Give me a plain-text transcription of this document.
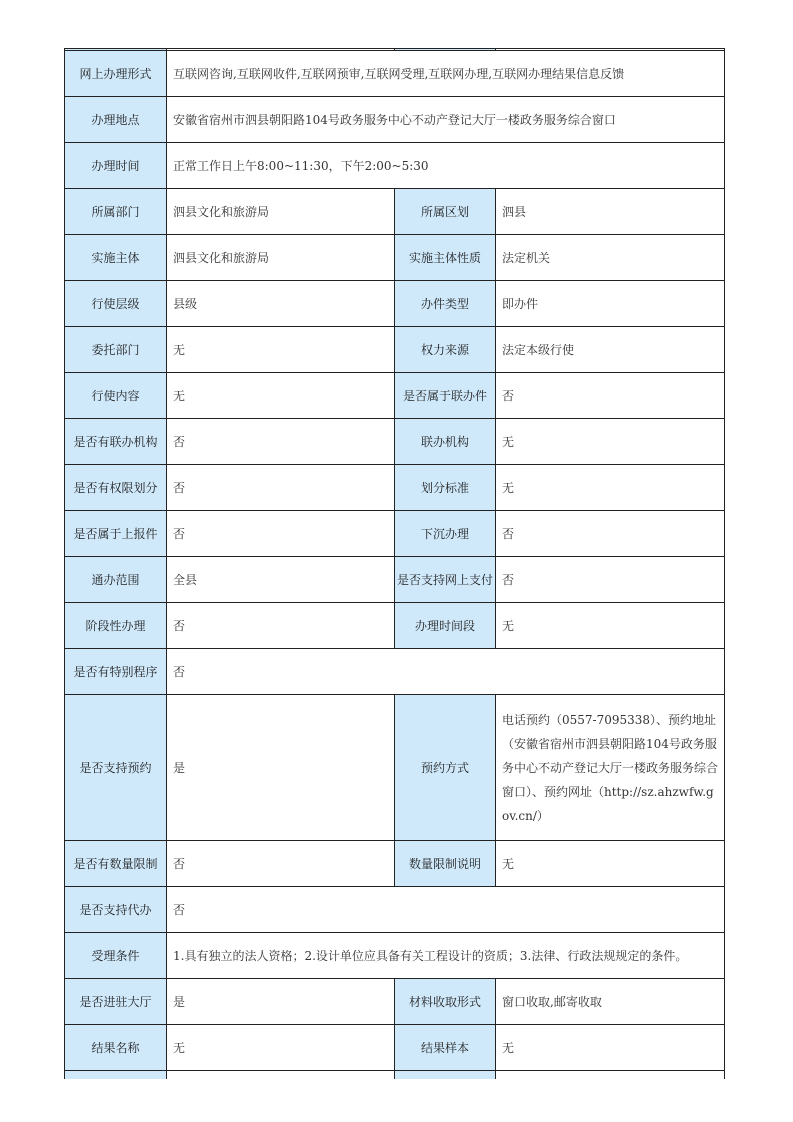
网上办理形式	互联网咨询,互联网收件,互联网预审,互联网受理,互联网办理,互联网办理结果信息反馈		
办理地点	安徽省宿州市泗县朝阳路104号政务服务中心不动产登记大厅一楼政务服务综合窗口		
办理时间	正常工作日上午8:00~11:30，下午2:00~5:30		
所属部门	泗县文化和旅游局	所属区划	泗县
实施主体	泗县文化和旅游局	实施主体性质	法定机关
行使层级	县级	办件类型	即办件
委托部门	无	权力来源	法定本级行使
行使内容	无	是否属于联办件	否
是否有联办机构	否	联办机构	无
是否有权限划分	否	划分标准	无
是否属于上报件	否	下沉办理	否
通办范围	全县	是否支持网上支付	否
阶段性办理	否	办理时间段	无
是否有特别程序	否		
是否支持预约	是	预约方式	电话预约（0557-7095338）、预约地址（安徽省宿州市泗县朝阳路104号政务服务中心不动产登记大厅一楼政务服务综合窗口）、预约网址（http://sz.ahzwfw.gov.cn/）
是否有数量限制	否	数量限制说明	无
是否支持代办	否		
受理条件	1.具有独立的法人资格；2.设计单位应具备有关工程设计的资质；3.法律、行政法规规定的条件。		
是否进驻大厅	是	材料收取形式	窗口收取,邮寄收取
结果名称	无	结果样本	无
